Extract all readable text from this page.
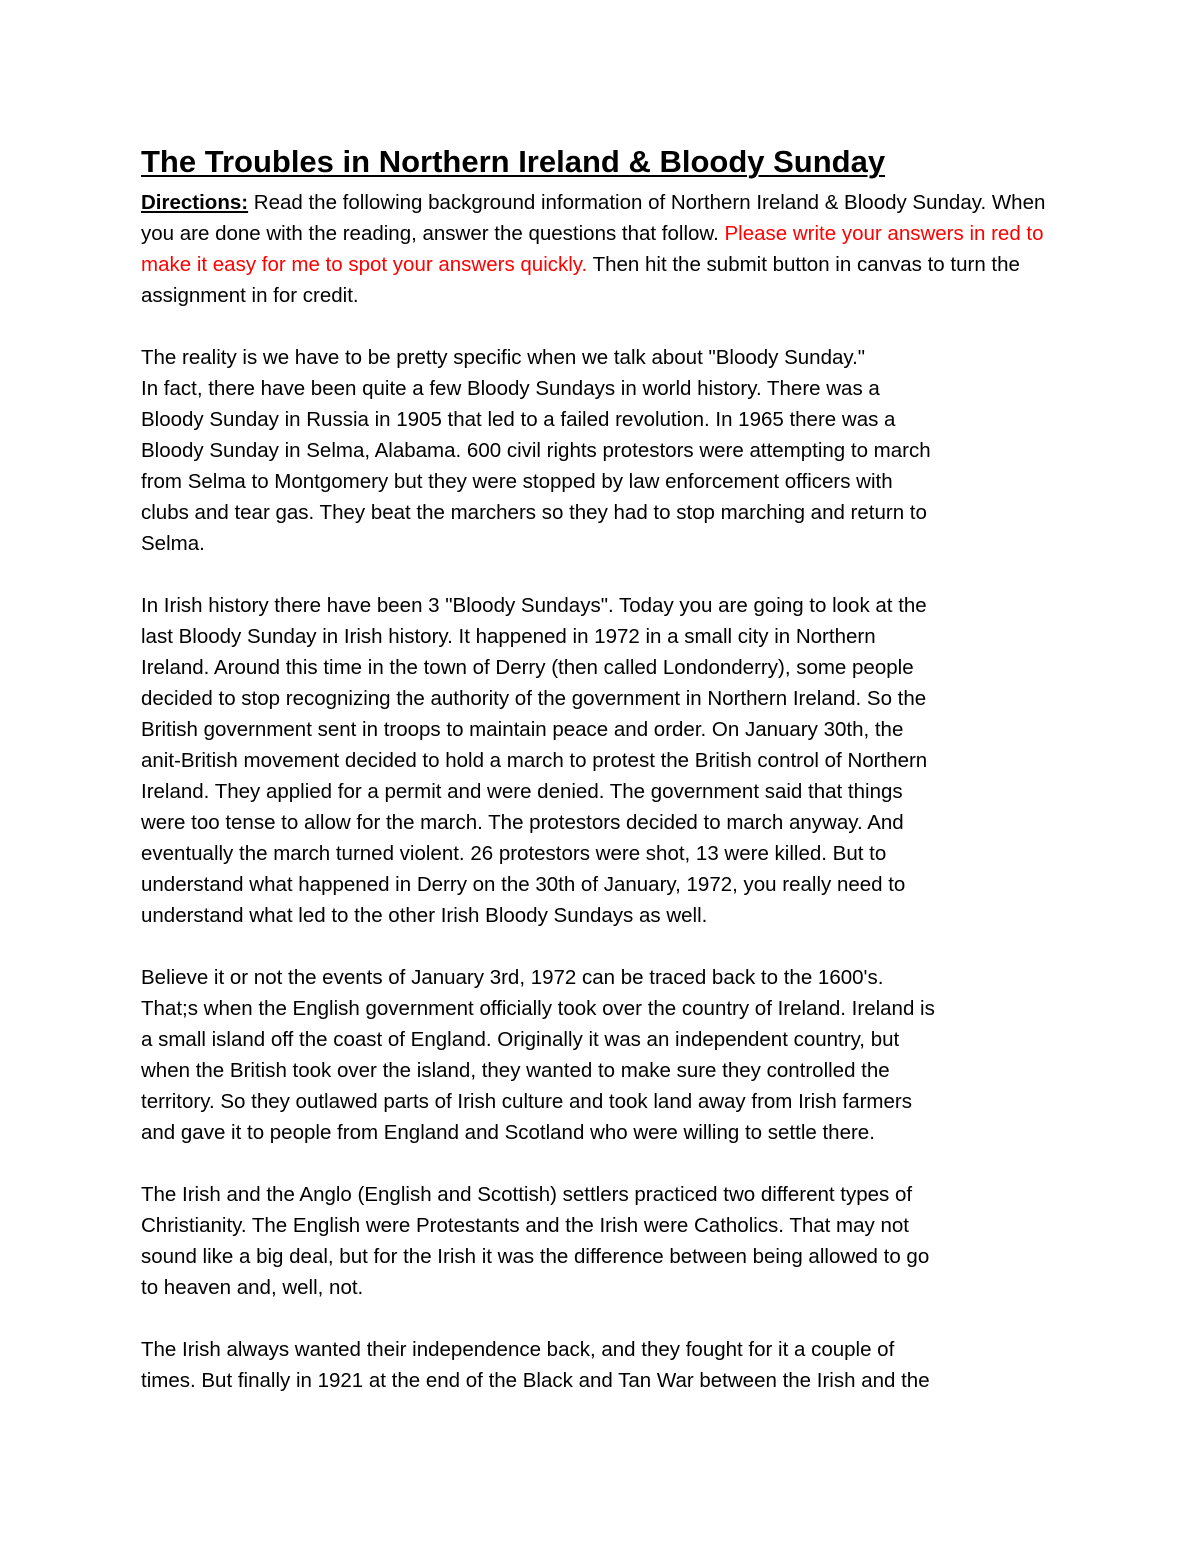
The Troubles in Northern Ireland & Bloody Sunday

Directions: Read the following background information of Northern Ireland & Bloody Sunday. When you are done with the reading, answer the questions that follow. Please write your answers in red to make it easy for me to spot your answers quickly. Then hit the submit button in canvas to turn the assignment in for credit.

The reality is we have to be pretty specific when we talk about "Bloody Sunday."
In fact, there have been quite a few Bloody Sundays in world history. There was a
Bloody Sunday in Russia in 1905 that led to a failed revolution. In 1965 there was a
Bloody Sunday in Selma, Alabama. 600 civil rights protestors were attempting to march
from Selma to Montgomery but they were stopped by law enforcement officers with
clubs and tear gas. They beat the marchers so they had to stop marching and return to
Selma.

In Irish history there have been 3 "Bloody Sundays". Today you are going to look at the
last Bloody Sunday in Irish history. It happened in 1972 in a small city in Northern
Ireland. Around this time in the town of Derry (then called Londonderry), some people
decided to stop recognizing the authority of the government in Northern Ireland. So the
British government sent in troops to maintain peace and order. On January 30th, the
anit-British movement decided to hold a march to protest the British control of Northern
Ireland. They applied for a permit and were denied. The government said that things
were too tense to allow for the march. The protestors decided to march anyway. And
eventually the march turned violent. 26 protestors were shot, 13 were killed. But to
understand what happened in Derry on the 30th of January, 1972, you really need to
understand what led to the other Irish Bloody Sundays as well.

Believe it or not the events of January 3rd, 1972 can be traced back to the 1600's.
That;s when the English government officially took over the country of Ireland. Ireland is
a small island off the coast of England. Originally it was an independent country, but
when the British took over the island, they wanted to make sure they controlled the
territory. So they outlawed parts of Irish culture and took land away from Irish farmers
and gave it to people from England and Scotland who were willing to settle there.

The Irish and the Anglo (English and Scottish) settlers practiced two different types of
Christianity. The English were Protestants and the Irish were Catholics. That may not
sound like a big deal, but for the Irish it was the difference between being allowed to go
to heaven and, well, not.

The Irish always wanted their independence back, and they fought for it a couple of
times. But finally in 1921 at the end of the Black and Tan War between the Irish and the
